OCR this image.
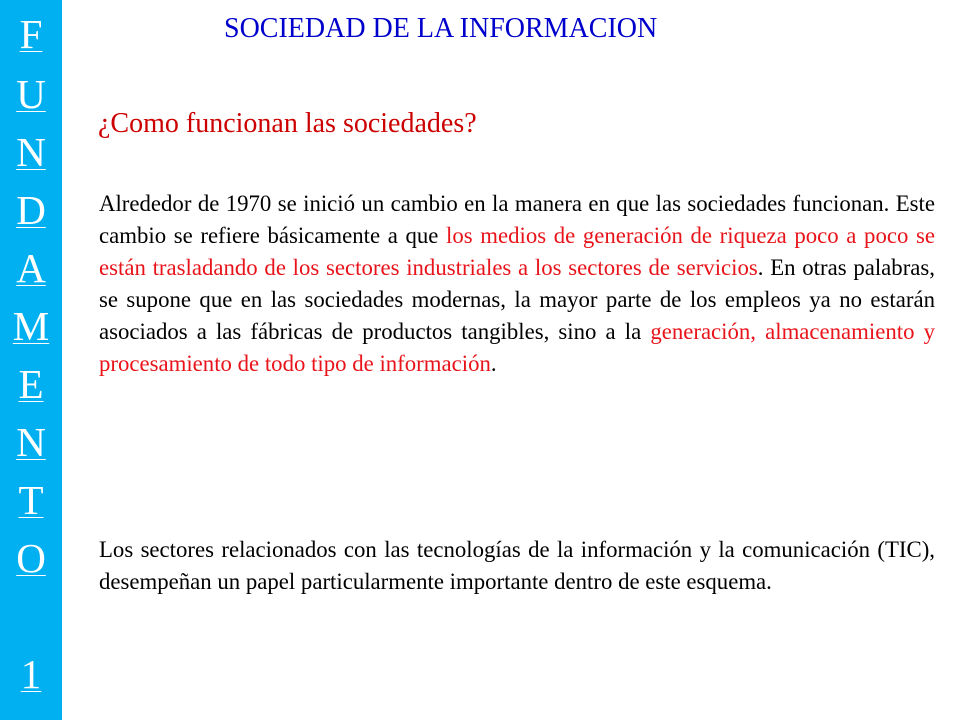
F
U
N
D
A
M
E
N
T
O
1
SOCIEDAD DE LA INFORMACION
¿Como funcionan las sociedades?

Alrededor de 1970 se inició un cambio en la manera en que las sociedades funcionan. Este cambio se refiere básicamente a que los medios de generación de riqueza poco a poco se están trasladando de los sectores industriales a los sectores de servicios. En otras palabras, se supone que en las sociedades modernas, la mayor parte de los empleos ya no estarán asociados a las fábricas de productos tangibles, sino a la generación, almacenamiento y procesamiento de todo tipo de información.

Los sectores relacionados con las tecnologías de la información y la comunicación (TIC), desempeñan un papel particularmente importante dentro de este esquema.
